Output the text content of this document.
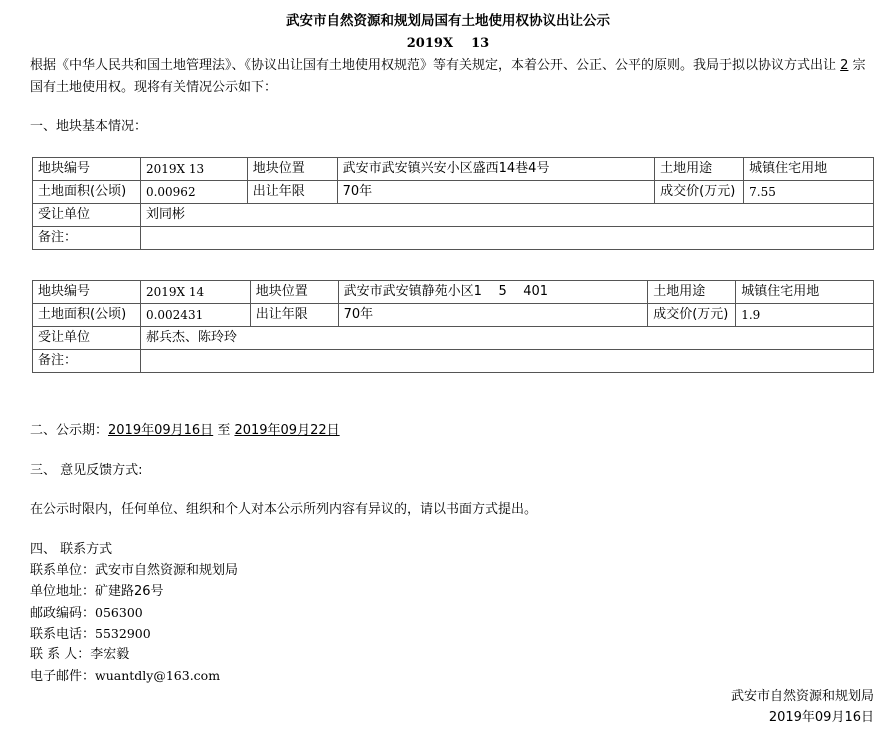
武安市自然资源和规划局国有土地使用权协议出让公示
2019X    13
根据《中华人民共和国土地管理法》、《协议出让国有土地使用权规范》等有关规定，本着公开、公正、公平的原则。我局于拟以协议方式出让 2 宗国有土地使用权。现将有关情况公示如下：
一、地块基本情况：
地块编号	2019X 13	地块位置	武安市武安镇兴安小区盛西14巷4号	土地用途	城镇住宅用地
土地面积(公顷)	0.00962	出让年限	70年	成交价(万元)	7.55
受让单位	刘同彬				
备注：					
地块编号	2019X 14	地块位置	武安市武安镇静苑小区1    5    401	土地用途	城镇住宅用地
土地面积(公顷)	0.002431	出让年限	70年	成交价(万元)	1.9
受让单位	郝兵杰、陈玲玲				
备注：					
二、公示期：2019年09月16日 至 2019年09月22日
三、 意见反馈方式:
在公示时限内，任何单位、组织和个人对本公示所列内容有异议的，请以书面方式提出。
四、 联系方式
联系单位：武安市自然资源和规划局
单位地址：矿建路26号
邮政编码：056300
联系电话：5532900
联 系 人：李宏毅
电子邮件：wuantdly@163.com
武安市自然资源和规划局
2019年09月16日
